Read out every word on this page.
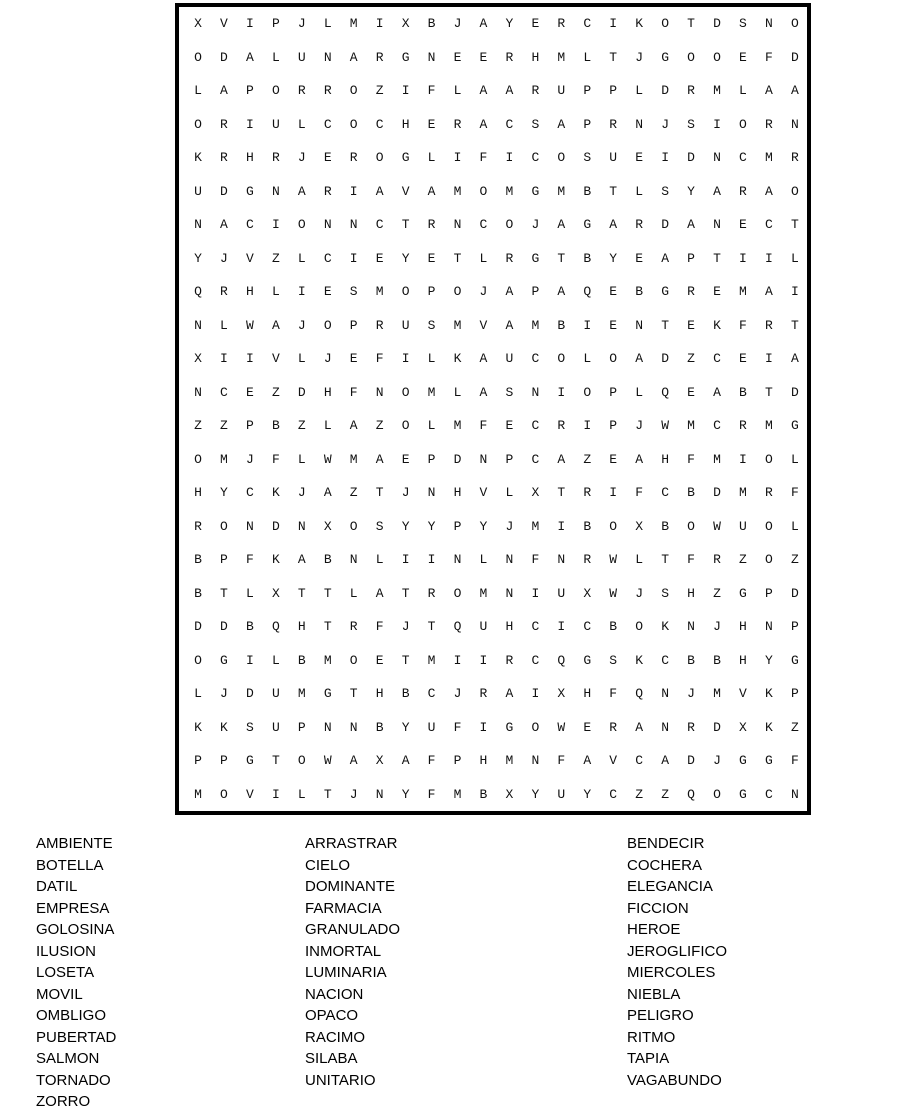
X	V	I	P	J	L	M	I	X	B	J	A	Y	E	R	C	I	K	O	T	D	S	N	O
O	D	A	L	U	N	A	R	G	N	E	E	R	H	M	L	T	J	G	O	O	E	F	D
L	A	P	O	R	R	O	Z	I	F	L	A	A	R	U	P	P	L	D	R	M	L	A	A
O	R	I	U	L	C	O	C	H	E	R	A	C	S	A	P	R	N	J	S	I	O	R	N
K	R	H	R	J	E	R	O	G	L	I	F	I	C	O	S	U	E	I	D	N	C	M	R
U	D	G	N	A	R	I	A	V	A	M	O	M	G	M	B	T	L	S	Y	A	R	A	O
N	A	C	I	O	N	N	C	T	R	N	C	O	J	A	G	A	R	D	A	N	E	C	T
Y	J	V	Z	L	C	I	E	Y	E	T	L	R	G	T	B	Y	E	A	P	T	I	I	L
Q	R	H	L	I	E	S	M	O	P	O	J	A	P	A	Q	E	B	G	R	E	M	A	I
N	L	W	A	J	O	P	R	U	S	M	V	A	M	B	I	E	N	T	E	K	F	R	T
X	I	I	V	L	J	E	F	I	L	K	A	U	C	O	L	O	A	D	Z	C	E	I	A
N	C	E	Z	D	H	F	N	O	M	L	A	S	N	I	O	P	L	Q	E	A	B	T	D
Z	Z	P	B	Z	L	A	Z	O	L	M	F	E	C	R	I	P	J	W	M	C	R	M	G
O	M	J	F	L	W	M	A	E	P	D	N	P	C	A	Z	E	A	H	F	M	I	O	L
H	Y	C	K	J	A	Z	T	J	N	H	V	L	X	T	R	I	F	C	B	D	M	R	F
R	O	N	D	N	X	O	S	Y	Y	P	Y	J	M	I	B	O	X	B	O	W	U	O	L
B	P	F	K	A	B	N	L	I	I	N	L	N	F	N	R	W	L	T	F	R	Z	O	Z
B	T	L	X	T	T	L	A	T	R	O	M	N	I	U	X	W	J	S	H	Z	G	P	D
D	D	B	Q	H	T	R	F	J	T	Q	U	H	C	I	C	B	O	K	N	J	H	N	P
O	G	I	L	B	M	O	E	T	M	I	I	R	C	Q	G	S	K	C	B	B	H	Y	G
L	J	D	U	M	G	T	H	B	C	J	R	A	I	X	H	F	Q	N	J	M	V	K	P
K	K	S	U	P	N	N	B	Y	U	F	I	G	O	W	E	R	A	N	R	D	X	K	Z
P	P	G	T	O	W	A	X	A	F	P	H	M	N	F	A	V	C	A	D	J	G	G	F
M	O	V	I	L	T	J	N	Y	F	M	B	X	Y	U	Y	C	Z	Z	Q	O	G	C	N
AMBIENTE
BOTELLA
DATIL
EMPRESA
GOLOSINA
ILUSION
LOSETA
MOVIL
OMBLIGO
PUBERTAD
SALMON
TORNADO
ZORRO
ARRASTRAR
CIELO
DOMINANTE
FARMACIA
GRANULADO
INMORTAL
LUMINARIA
NACION
OPACO
RACIMO
SILABA
UNITARIO
BENDECIR
COCHERA
ELEGANCIA
FICCION
HEROE
JEROGLIFICO
MIERCOLES
NIEBLA
PELIGRO
RITMO
TAPIA
VAGABUNDO
